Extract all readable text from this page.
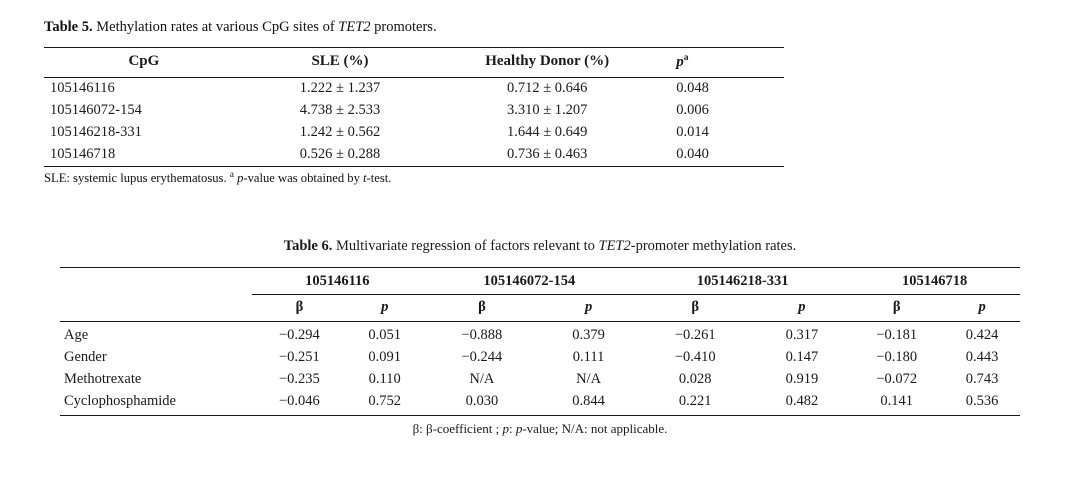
Table 5. Methylation rates at various CpG sites of TET2 promoters.
CpG	SLE (%)	Healthy Donor (%)	$p^a$
105146116	1.222 ± 1.237	0.712 ± 0.646	0.048
105146072-154	4.738 ± 2.533	3.310 ± 1.207	0.006
105146218-331	1.242 ± 0.562	1.644 ± 0.649	0.014
105146718	0.526 ± 0.288	0.736 ± 0.463	0.040
SLE: systemic lupus erythematosus. $^a$ p-value was obtained by t-test.
Table 6. Multivariate regression of factors relevant to TET2-promoter methylation rates.
	105146116		105146072-154		105146218-331		105146718	
	β	p	β	p	β	p	β	p
Age	−0.294	0.051	−0.888	0.379	−0.261	0.317	−0.181	0.424
Gender	−0.251	0.091	−0.244	0.111	−0.410	0.147	−0.180	0.443
Methotrexate	−0.235	0.110	N/A	N/A	0.028	0.919	−0.072	0.743
Cyclophosphamide	−0.046	0.752	0.030	0.844	0.221	0.482	0.141	0.536
β: β-coefficient ; p: p-value; N/A: not applicable.
